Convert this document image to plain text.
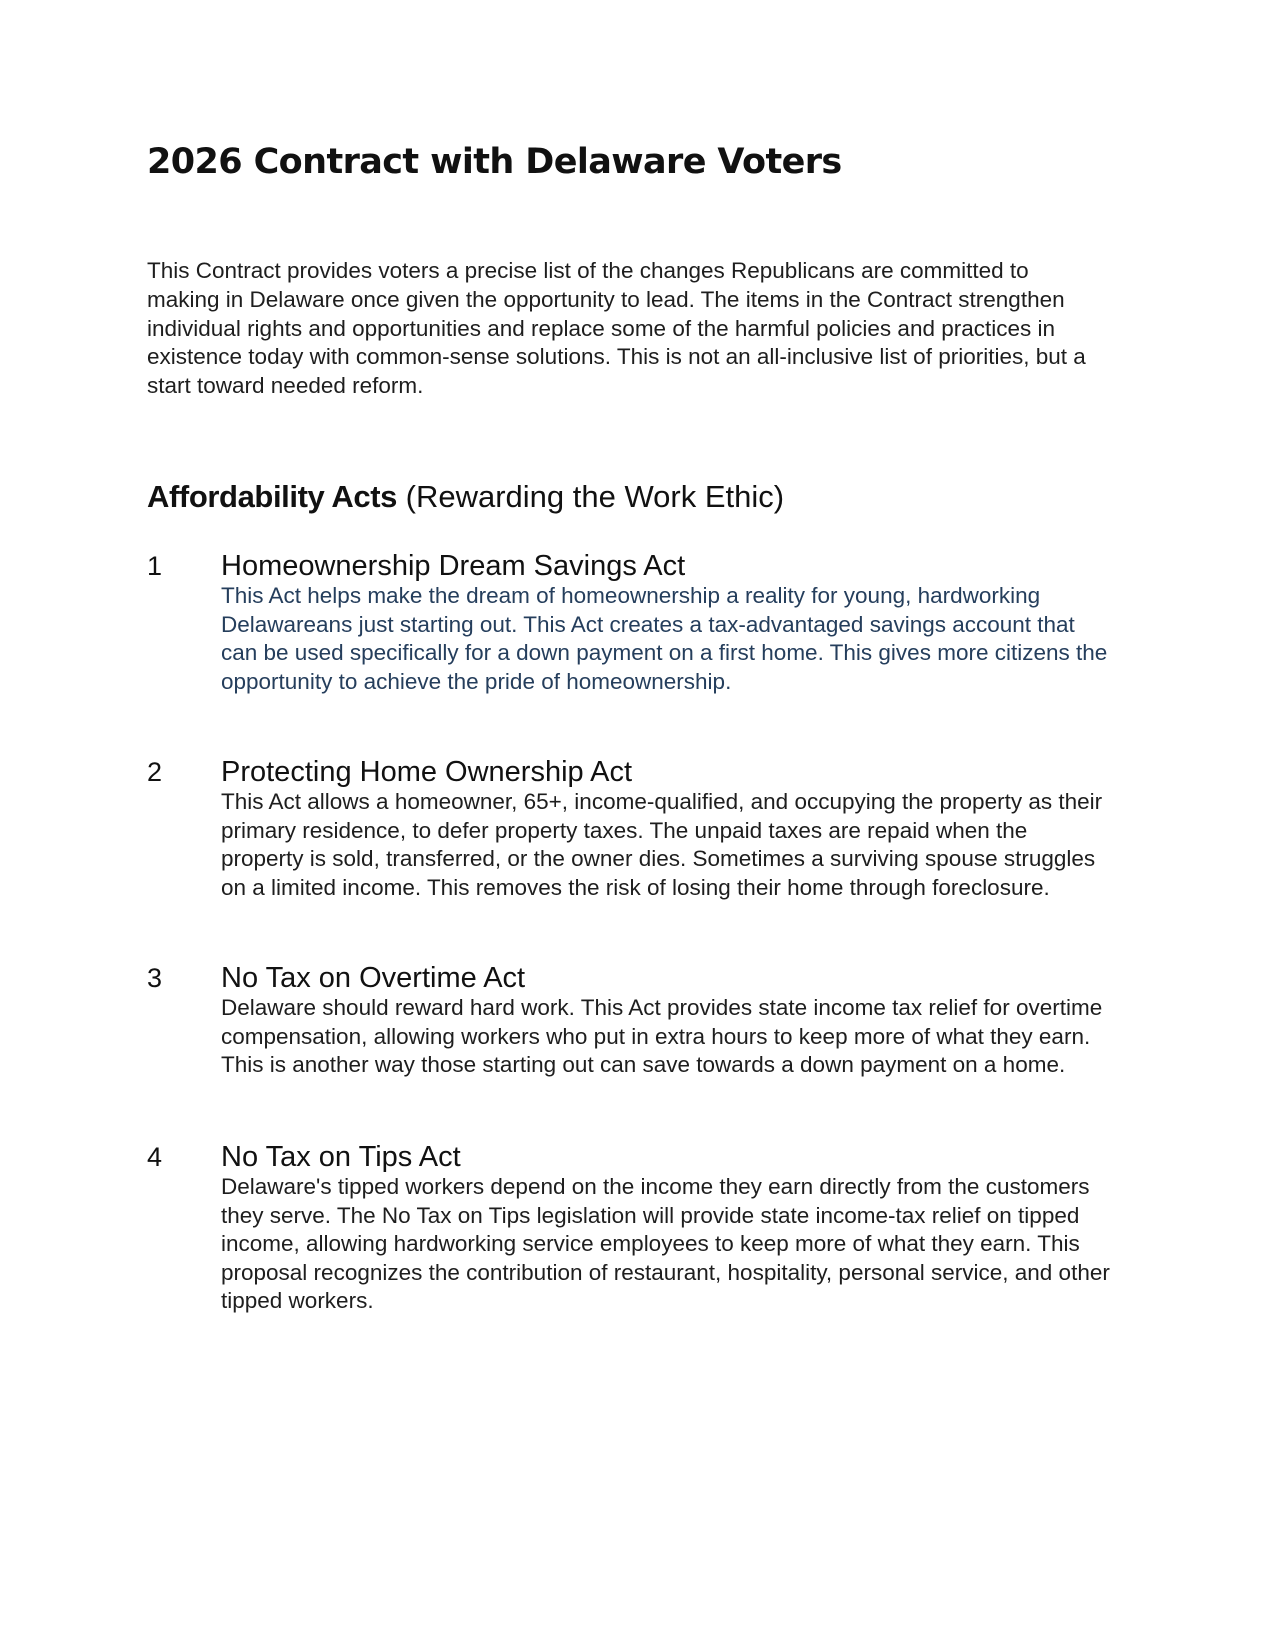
2026 Contract with Delaware Voters

This Contract provides voters a precise list of the changes Republicans are committed to making in Delaware once given the opportunity to lead. The items in the Contract strengthen individual rights and opportunities and replace some of the harmful policies and practices in existence today with common-sense solutions. This is not an all-inclusive list of priorities, but a start toward needed reform.

Affordability Acts (Rewarding the Work Ethic)
1 Homeownership Dream Savings Act

This Act helps make the dream of homeownership a reality for young, hardworking Delawareans just starting out. This Act creates a tax-advantaged savings account that can be used specifically for a down payment on a first home. This gives more citizens the opportunity to achieve the pride of homeownership.

2 Protecting Home Ownership Act

This Act allows a homeowner, 65+, income-qualified, and occupying the property as their primary residence, to defer property taxes. The unpaid taxes are repaid when the property is sold, transferred, or the owner dies. Sometimes a surviving spouse struggles on a limited income. This removes the risk of losing their home through foreclosure.

3 No Tax on Overtime Act

Delaware should reward hard work. This Act provides state income tax relief for overtime compensation, allowing workers who put in extra hours to keep more of what they earn. This is another way those starting out can save towards a down payment on a home.

4 No Tax on Tips Act

Delaware's tipped workers depend on the income they earn directly from the customers they serve. The No Tax on Tips legislation will provide state income-tax relief on tipped income, allowing hardworking service employees to keep more of what they earn. This proposal recognizes the contribution of restaurant, hospitality, personal service, and other tipped workers.
